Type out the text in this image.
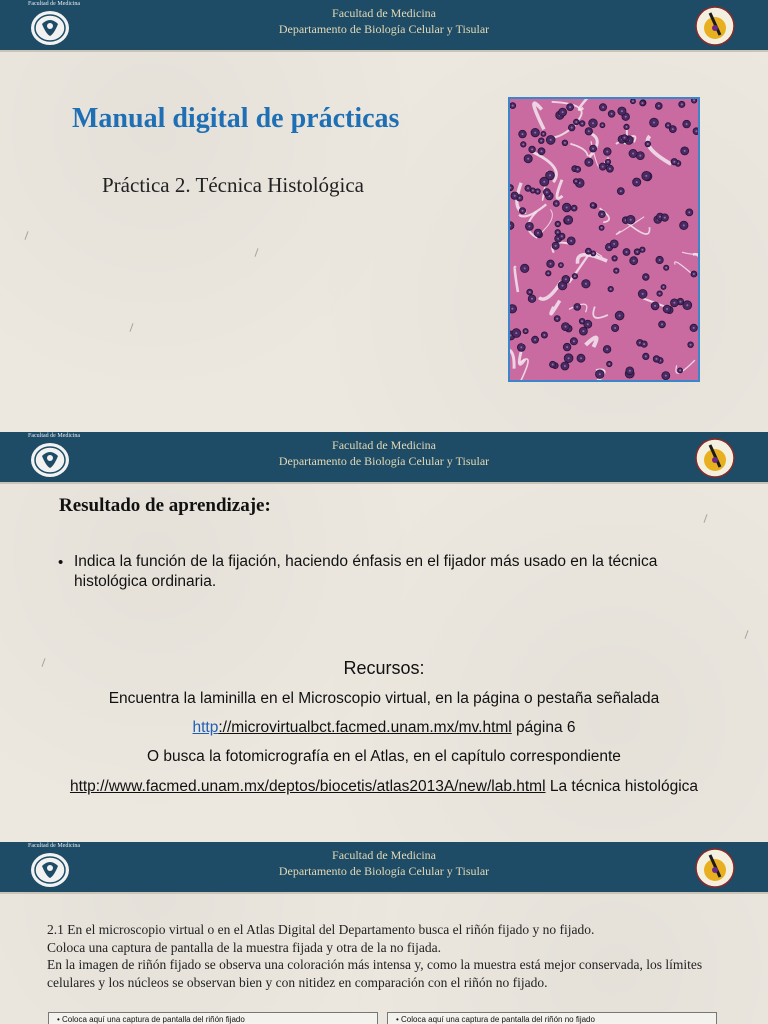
Facultad de Medicina
Facultad de Medicina
Departamento de Biología Celular y Tisular
Manual digital de prácticas
Práctica 2. Técnica Histológica
Facultad de Medicina
Facultad de Medicina
Departamento de Biología Celular y Tisular
Resultado de aprendizaje:
• Indica la función de la fijación, haciendo énfasis en el fijador más usado en la técnica histológica ordinaria.
Recursos:
Encuentra la laminilla en el Microscopio virtual, en la página o pestaña señalada
http://microvirtualbct.facmed.unam.mx/mv.html página 6
O busca la fotomicrografía en el Atlas, en el capítulo correspondiente
http://www.facmed.unam.mx/deptos/biocetis/atlas2013A/new/lab.html La técnica histológica
Facultad de Medicina
Facultad de Medicina
Departamento de Biología Celular y Tisular
2.1 En el microscopio virtual o en el Atlas Digital del Departamento busca el riñón fijado y no fijado.
Coloca una captura de pantalla de la muestra fijada y otra de la no fijada.
En la imagen de riñón fijado se observa una coloración más intensa y, como la muestra está mejor conservada, los límites celulares y los núcleos se observan bien y con nitidez en comparación con el riñón no fijado.
• Coloca aquí una captura de pantalla del riñón fijado	• Coloca aquí una captura de pantalla del riñón no fijado
